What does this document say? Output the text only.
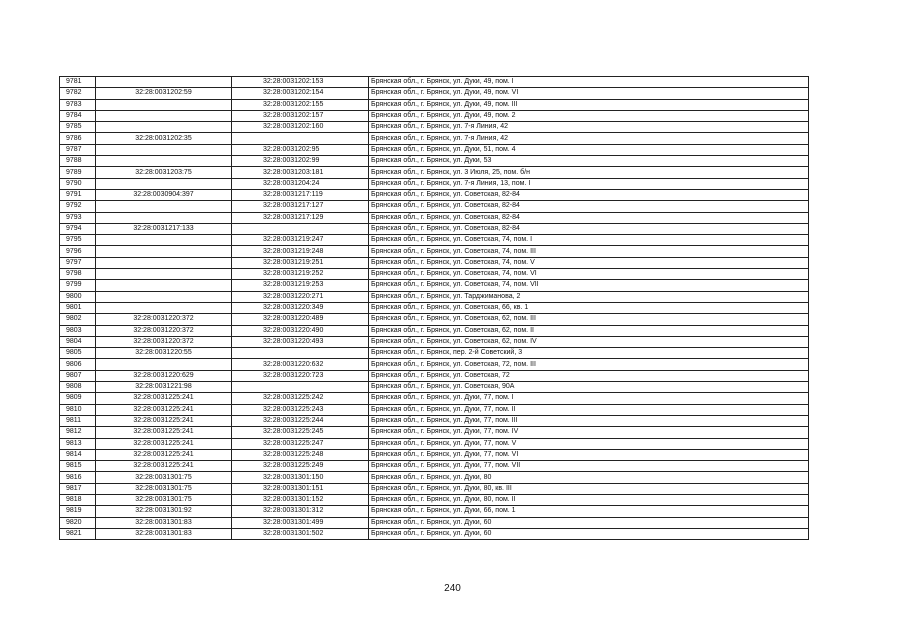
9781		32:28:0031202:153	Брянская обл., г. Брянск, ул. Дуки, 49, пом. I
9782	32:28:0031202:59	32:28:0031202:154	Брянская обл., г. Брянск, ул. Дуки, 49, пом. VI
9783		32:28:0031202:155	Брянская обл., г. Брянск, ул. Дуки, 49, пом. III
9784		32:28:0031202:157	Брянская обл., г. Брянск, ул. Дуки, 49, пом. 2
9785		32:28:0031202:160	Брянская обл., г. Брянск, ул. 7-я Линия, 42
9786	32:28:0031202:35		Брянская обл., г. Брянск, ул. 7-я Линия, 42
9787		32:28:0031202:95	Брянская обл., г. Брянск, ул. Дуки, 51, пом. 4
9788		32:28:0031202:99	Брянская обл., г. Брянск, ул. Дуки, 53
9789	32:28:0031203:75	32:28:0031203:181	Брянская обл., г. Брянск, ул. 3 Июля, 25, пом. б/н
9790		32:28:0031204:24	Брянская обл., г. Брянск, ул. 7-я Линия, 13, пом. I
9791	32:28:0030904:397	32:28:0031217:119	Брянская обл., г. Брянск, ул. Советская, 82-84
9792		32:28:0031217:127	Брянская обл., г. Брянск, ул. Советская, 82-84
9793		32:28:0031217:129	Брянская обл., г. Брянск, ул. Советская, 82-84
9794	32:28:0031217:133		Брянская обл., г. Брянск, ул. Советская, 82-84
9795		32:28:0031219:247	Брянская обл., г. Брянск, ул. Советская, 74, пом. I
9796		32:28:0031219:248	Брянская обл., г. Брянск, ул. Советская, 74, пом. III
9797		32:28:0031219:251	Брянская обл., г. Брянск, ул. Советская, 74, пом. V
9798		32:28:0031219:252	Брянская обл., г. Брянск, ул. Советская, 74, пом. VI
9799		32:28:0031219:253	Брянская обл., г. Брянск, ул. Советская, 74, пом. VII
9800		32:28:0031220:271	Брянская обл., г. Брянск, ул. Тарджиманова, 2
9801		32:28:0031220:349	Брянская обл., г. Брянск, ул. Советская, 66, кв. 1
9802	32:28:0031220:372	32:28:0031220:489	Брянская обл., г. Брянск, ул. Советская, 62, пом. III
9803	32:28:0031220:372	32:28:0031220:490	Брянская обл., г. Брянск, ул. Советская, 62, пом. II
9804	32:28:0031220:372	32:28:0031220:493	Брянская обл., г. Брянск, ул. Советская, 62, пом. IV
9805	32:28:0031220:55		Брянская обл., г. Брянск, пер. 2-й Советский, 3
9806		32:28:0031220:632	Брянская обл., г. Брянск, ул. Советская, 72, пом. III
9807	32:28:0031220:629	32:28:0031220:723	Брянская обл., г. Брянск, ул. Советская, 72
9808	32:28:0031221:98		Брянская обл., г. Брянск, ул. Советская, 90А
9809	32:28:0031225:241	32:28:0031225:242	Брянская обл., г. Брянск, ул. Дуки, 77, пом. I
9810	32:28:0031225:241	32:28:0031225:243	Брянская обл., г. Брянск, ул. Дуки, 77, пом. II
9811	32:28:0031225:241	32:28:0031225:244	Брянская обл., г. Брянск, ул. Дуки, 77, пом. III
9812	32:28:0031225:241	32:28:0031225:245	Брянская обл., г. Брянск, ул. Дуки, 77, пом. IV
9813	32:28:0031225:241	32:28:0031225:247	Брянская обл., г. Брянск, ул. Дуки, 77, пом. V
9814	32:28:0031225:241	32:28:0031225:248	Брянская обл., г. Брянск, ул. Дуки, 77, пом. VI
9815	32:28:0031225:241	32:28:0031225:249	Брянская обл., г. Брянск, ул. Дуки, 77, пом. VII
9816	32:28:0031301:75	32:28:0031301:150	Брянская обл., г. Брянск, ул. Дуки, 80
9817	32:28:0031301:75	32:28:0031301:151	Брянская обл., г. Брянск, ул. Дуки, 80, кв. III
9818	32:28:0031301:75	32:28:0031301:152	Брянская обл., г. Брянск, ул. Дуки, 80, пом. II
9819	32:28:0031301:92	32:28:0031301:312	Брянская обл., г. Брянск, ул. Дуки, 66, пом. 1
9820	32:28:0031301:83	32:28:0031301:499	Брянская обл., г. Брянск, ул. Дуки, 60
9821	32:28:0031301:83	32:28:0031301:502	Брянская обл., г. Брянск, ул. Дуки, 60
240
